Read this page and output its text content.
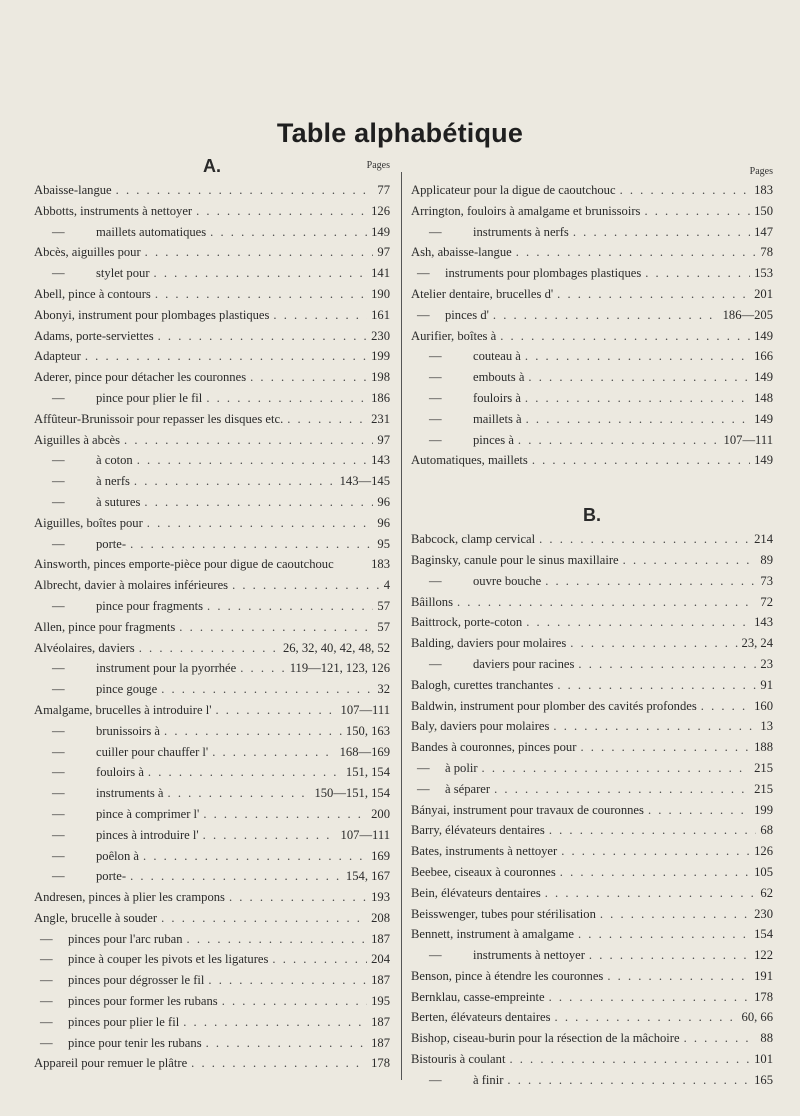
Table alphabétique
A.	Pages
Abaisse-langue . . .	77
Abbotts, instruments à nettoyer . . .	126
— maillets automatiques . . .	149
Abcès, aiguilles pour . . .	97
— stylet pour . . .	141
Abell, pince à contours . . .	190
Abonyi, instrument pour plombages plastiques . . .	161
Adams, porte-serviettes . . .	230
Adapteur . . .	199
Aderer, pince pour détacher les couronnes . . .	198
— pince pour plier le fil . . .	186
Affûteur-Brunissoir pour repasser les disques etc. . . .	231
Aiguilles à abcès . . .	97
— à coton . . .	143
— à nerfs . . .	143—145
— à sutures . . .	96
Aiguilles, boîtes pour . . .	96
— porte- . . .	95
Ainsworth, pinces emporte-pièce pour digue de caoutchouc	183
Albrecht, davier à molaires inférieures . . .	4
— pince pour fragments . . .	57
Allen, pince pour fragments . . .	57
Alvéolaires, daviers . . .	26, 32, 40, 42, 48, 52
— instrument pour la pyorrhée . . .	119—121, 123, 126
— pince gouge . . .	32
Amalgame, brucelles à introduire l' . . .	107—111
— brunissoirs à . . .	150, 163
— cuiller pour chauffer l' . . .	168—169
— fouloirs à . . .	151, 154
— instruments à . . .	150—151, 154
— pince à comprimer l' . . .	200
— pinces à introduire l' . . .	107—111
— poêlon à . . .	169
— porte- . . .	154, 167
Andresen, pinces à plier les crampons . . .	193
Angle, brucelle à souder . . .	208
— pinces pour l'arc ruban . . .	187
— pince à couper les pivots et les ligatures . . .	204
— pinces pour dégrosser le fil . . .	187
— pinces pour former les rubans . . .	195
— pinces pour plier le fil . . .	187
— pince pour tenir les rubans . . .	187
Appareil pour remuer le plâtre . . .	178
Pages
Applicateur pour la digue de caoutchouc . . .	183
Arrington, fouloirs à amalgame et brunissoirs . . .	150
— instruments à nerfs . . .	147
Ash, abaisse-langue . . .	78
— instruments pour plombages plastiques . . .	153
Atelier dentaire, brucelles d' . . .	201
— pinces d' . . .	186—205
Aurifier, boîtes à . . .	149
— couteau à . . .	166
— embouts à . . .	149
— fouloirs à . . .	148
— maillets à . . .	149
— pinces à . . .	107—111
Automatiques, maillets . . .	149
B.
Babcock, clamp cervical . . .	214
Baginsky, canule pour le sinus maxillaire . . .	89
— ouvre bouche . . .	73
Bâillons . . .	72
Baittrock, porte-coton . . .	143
Balding, daviers pour molaires . . .	23, 24
— daviers pour racines . . .	23
Balogh, curettes tranchantes . . .	91
Baldwin, instrument pour plomber des cavités profondes . . .	160
Baly, daviers pour molaires . . .	13
Bandes à couronnes, pinces pour . . .	188
— à polir . . .	215
— à séparer . . .	215
Bányai, instrument pour travaux de couronnes . . .	199
Barry, élévateurs dentaires . . .	68
Bates, instruments à nettoyer . . .	126
Beebee, ciseaux à couronnes . . .	105
Bein, élévateurs dentaires . . .	62
Beisswenger, tubes pour stérilisation . . .	230
Bennett, instrument à amalgame . . .	154
— instruments à nettoyer . . .	122
Benson, pince à étendre les couronnes . . .	191
Bernklau, casse-empreinte . . .	178
Berten, élévateurs dentaires . . .	60, 66
Bishop, ciseau-burin pour la résection de la mâchoire . . .	88
Bistouris à coulant . . .	101
— à finir . . .	165
